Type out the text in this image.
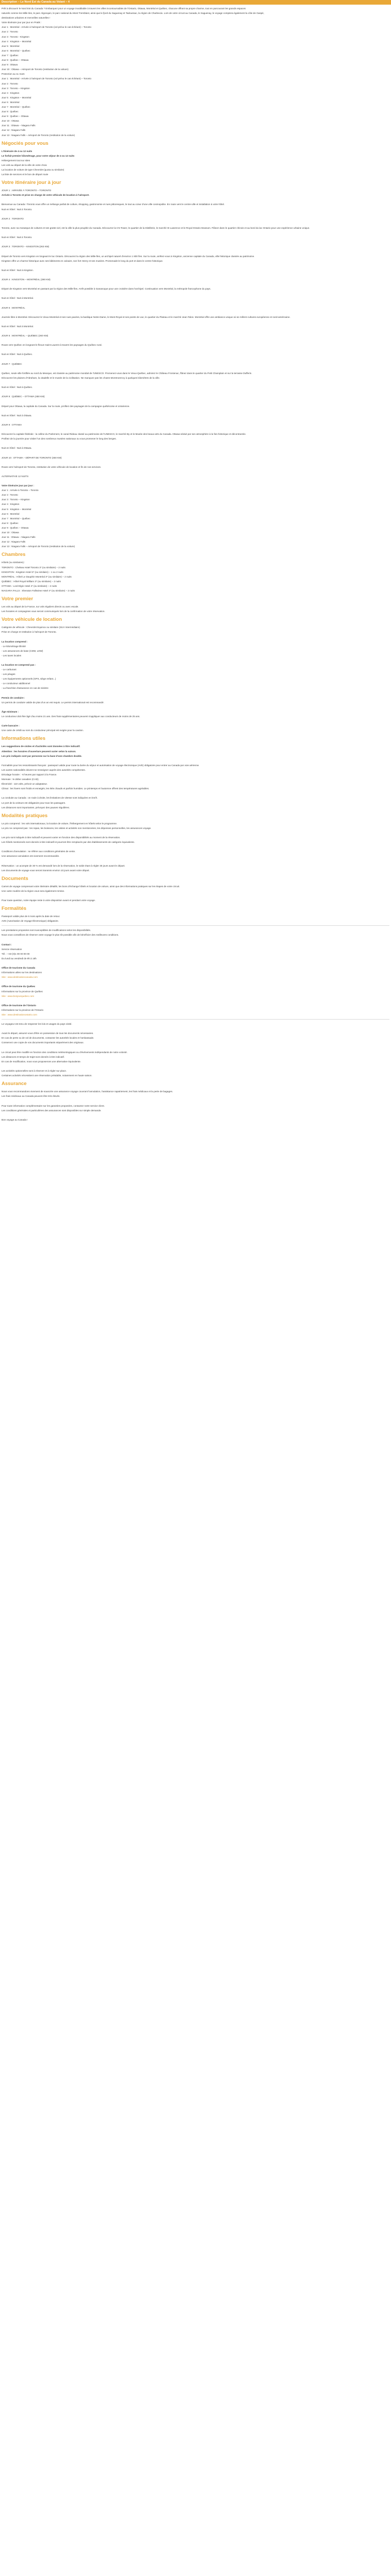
Description – Le Nord Est du Canada au Volant – 4
Prêt à découvrir le Nord Est du Canada ? Embarquez pour un voyage inoubliable à travers les villes incontournables de l'Ontario, Ottawa, Montréal et Québec, chacune offrant sa propre charme, tout en parcourant les grands espaces
naturels comme les Mille Iles, le parc Algonquin, le parc national du Mont Tremblant, ainsi que le fjord du Saguenay et Tadoussac, la région de Charlevoix. Lors de votre circuit au Canada, le Saguenay, le voyage comptera également la côte de Gaspé,
destinations urbaines et merveilles naturelles !
Votre itinéraire jour par jour en Pratik :
Jour 1 : Montréal - Arrivée à l'aéroport de Toronto (vol prévu le cas échéant) – Toronto
Jour 2 : Toronto
Jour 3 : Toronto - Kingston
Jour 4 : Kingston – Montréal
Jour 5 : Montréal
Jour 6 : Montréal – Québec
Jour 7 : Québec
Jour 8 : Québec – Ottawa
Jour 9 : Ottawa
Jour 10 : Ottawa – Aéroport de Toronto (restitution de la voiture)
Protection au 11 mars
Jour 1 : Montréal - Arrivée à l'aéroport de Toronto (vol prévu le cas échéant) – Toronto
Jour 2 : Toronto
Jour 3 : Toronto – Kingston
Jour 4 : Kingston
Jour 5 : Kingston – Montréal
Jour 6 : Montréal
Jour 7 : Montréal – Québec
Jour 8 : Québec
Jour 9 : Québec – Ottawa
Jour 10 : Ottawa
Jour 11 : Ottawa – Niagara Falls
Jour 12 : Niagara Falls
Jour 13 : Niagara Falls – Aéroport de Toronto (restitution de la voiture)
Négociés pour vous
L'Itinéraire de 4 ou 12 nuits
Le forfait premier kilométrage, pour votre séjour de 4 ou 12 nuits
Hébergement tout sur sites
Les vols au départ de la ville de votre choix
La location de voiture de type Chevrolet (quota ou similaire)
La liste de services et le bon de départ route
Votre itinéraire jour à jour
JOUR 1 : ARRIVÉE À TORONTO – TORONTO
Arrivée à Toronto et prise en charge de votre véhicule de location à l'aéroport.
Bienvenue au Canada ! Toronto vous offre un mélange parfait de culture, shopping, gastronomie et rues pittoresques, le tout au cœur d'une ville cosmopolite. En route vers le centre-ville et installation à votre hôtel.
Nuit en hôtel : Nuit à Toronto.
JOUR 2 : TORONTO
Toronto, avec sa mosaïque de cultures et ses gratte-ciel, est la ville la plus peuplée du Canada. Découvrez la CN Tower, le quartier de la Distillerie, le marché St Lawrence et le Royal Ontario Museum. Flânez dans le quartier chinois et au bord du lac Ontario pour une expérience urbaine unique.
Nuit en hôtel : Nuit à Toronto.
JOUR 3 : TORONTO – KINGSTON (263 KM)
Départ de Toronto vers Kingston en longeant le lac Ontario. Découvrez la région des Mille-Îles, un archipel naturel d'environ 1 800 îles. Sur la route, arrêtez-vous à Kingston, ancienne capitale du Canada, ville historique classée au patrimoine.
Kingston offre un charme historique avec ses bâtiments en calcaire, son fort Henry et ses musées. Promenade le long du port et dans le centre historique.
Nuit en hôtel : Nuit à Kingston.
JOUR 4 : KINGSTON – MONTRÉAL (290 KM)
Départ de Kingston vers Montréal en passant par la région des Mille-Îles. Arrêt possible à Gananoque pour une croisière dans l'archipel. Continuation vers Montréal, la métropole francophone du pays.
Nuit en hôtel : Nuit à Montréal.
JOUR 5 : MONTRÉAL
Journée libre à Montréal. Découvrez le Vieux-Montréal et ses rues pavées, la basilique Notre-Dame, le Mont-Royal et ses points de vue, le quartier du Plateau et le marché Jean-Talon. Montréal offre une ambiance unique où se mêlent cultures européenne et nord-américaine.
Nuit en hôtel : Nuit à Montréal.
JOUR 6 : MONTRÉAL – QUÉBEC (260 KM)
Route vers Québec en longeant le fleuve Saint-Laurent à travers les paysages du Québec rural.
Nuit en hôtel : Nuit à Québec.
JOUR 7 : QUÉBEC
Québec, seule ville fortifiée au nord du Mexique, est classée au patrimoine mondial de l'UNESCO. Promenez-vous dans le Vieux-Québec, admirez le Château Frontenac, flânez dans le quartier du Petit Champlain et sur la terrasse Dufferin.
Découvrez les plaines d'Abraham, la citadelle et le musée de la civilisation. Ne manquez pas les chutes Montmorency à quelques kilomètres de la ville.
Nuit en hôtel : Nuit à Québec.
JOUR 8 : QUÉBEC – OTTAWA (450 KM)
Départ pour Ottawa, la capitale du Canada. Sur la route, profitez des paysages de la campagne québécoise et ontarienne.
Nuit en hôtel : Nuit à Ottawa.
JOUR 9 : OTTAWA
Découvrez la capitale fédérale : la colline du Parlement, le canal Rideau classé au patrimoine de l'UNESCO, le marché By et le Musée des beaux-arts du Canada. Ottawa séduit par son atmosphère à la fois historique et décontractée.
Profitez de la journée pour visiter l'un des nombreux musées nationaux ou vous promener le long des berges.
Nuit en hôtel : Nuit à Ottawa.
JOUR 10 : OTTAWA – DÉPART DE TORONTO (450 KM)
Route vers l'aéroport de Toronto, restitution de votre véhicule de location et fin de nos services.
ALTERNATIVE 12 NUITS
Votre itinéraire jour par jour :
Jour 1 : Arrivée à Toronto – Toronto
Jour 2 : Toronto
Jour 3 : Toronto – Kingston
Jour 4 : Kingston
Jour 5 : Kingston – Montréal
Jour 6 : Montréal
Jour 7 : Montréal – Québec
Jour 8 : Québec
Jour 9 : Québec – Ottawa
Jour 10 : Ottawa
Jour 11 : Ottawa – Niagara Falls
Jour 12 : Niagara Falls
Jour 13 : Niagara Falls – Aéroport de Toronto (restitution de la voiture)
Chambres
Hôtels (ou similaires) :
TORONTO : Chelsea Hotel Toronto 3* (ou similaire) – 2 nuits
KINGSTON : Kingston Hotel 3* (ou similaire) – 1 ou 2 nuits
MONTRÉAL : Hôtel Le Dauphin Montréal 3* (ou similaire) – 2 nuits
QUÉBEC : Hôtel Royal William 3* (ou similaire) – 2 nuits
OTTAWA : Lord Elgin Hotel 4* (ou similaire) – 2 nuits
NIAGARA FALLS : Sheraton Fallsview Hotel 4* (ou similaire) – 2 nuits
Votre premier
Les vols au départ de la France, sur vols réguliers directs ou avec escale.
Les horaires et compagnies vous seront communiqués lors de la confirmation de votre réservation.
Votre véhicule de location
Catégorie de véhicule : Chevrolet Equinox ou similaire (SUV intermédiaire)
Prise en charge et restitution à l'aéroport de Toronto.
La location comprend :
- Le kilométrage illimité
- Les assurances de base (CDW, LDW)
- Les taxes locales
La location ne comprend pas :
- Le carburant
- Les péages
- Les équipements optionnels (GPS, siège enfant...)
- Le conducteur additionnel
- La franchise d'assurance en cas de sinistre
Permis de conduire :
Un permis de conduire valide de plus d'un an est requis. Le permis international est recommandé.
Âge minimum :
Le conducteur doit être âgé d'au moins 21 ans. Des frais supplémentaires peuvent s'appliquer aux conducteurs de moins de 25 ans.
Carte bancaire :
Une carte de crédit au nom du conducteur principal est exigée pour la caution.
Informations utiles
Les suggestions de visites et d'activités sont données à titre indicatif.
Attention : les horaires d'ouverture peuvent varier selon la saison.
Les prix indiqués sont par personne sur la base d'une chambre double.
Formalités pour les ressortissants français : passeport valide pour toute la durée du séjour et autorisation de voyage électronique (AVE) obligatoire pour entrer au Canada par voie aérienne.
Les autres nationalités doivent se renseigner auprès des autorités compétentes.
Décalage horaire : -6 heures par rapport à la France.
Monnaie : le dollar canadien (CAD).
Électricité : 110 volts, prévoir un adaptateur.
Climat : les hivers sont froids et enneigés, les étés chauds et parfois humides. Le printemps et l'automne offrent des températures agréables.
La conduite au Canada : on roule à droite, les limitations de vitesse sont indiquées en km/h.
Le port de la ceinture est obligatoire pour tous les passagers.
Les distances sont importantes, prévoyez des pauses régulières.
Modalités pratiques
Le prix comprend : les vols internationaux, la location de voiture, l'hébergement en hôtels selon le programme.
Le prix ne comprend pas : les repas, les boissons, les visites et activités non mentionnées, les dépenses personnelles, les assurances voyage.
Les prix sont indiqués à titre indicatif et peuvent varier en fonction des disponibilités au moment de la réservation.
Les hôtels mentionnés sont donnés à titre indicatif et pourront être remplacés par des établissements de catégorie équivalente.
Conditions d'annulation : se référer aux conditions générales de vente.
Une assurance annulation est vivement recommandée.
Réservation : un acompte de 30 % est demandé lors de la réservation, le solde étant à régler 30 jours avant le départ.
Les documents de voyage vous seront transmis environ 10 jours avant votre départ.
Documents
Carnet de voyage comprenant votre itinéraire détaillé, les bons d'échange hôtels et location de voiture, ainsi que des informations pratiques sur les étapes de votre circuit.
Une carte routière de la région vous sera également remise.
Pour toute question, notre équipe reste à votre disposition avant et pendant votre voyage.
Formalités
Passeport valide plus de 6 mois après la date de retour.
AVE (Autorisation de Voyage Électronique) obligatoire.
Les prestations proposées sont susceptibles de modifications selon les disponibilités.
Nous vous conseillons de réserver votre voyage le plus tôt possible afin de bénéficier des meilleures conditions.
Contact :
Service réservation
Tél. : +33 (0)1 00 00 00 00
Du lundi au vendredi de 9h à 18h
Office de tourisme du Canada
Informations utiles sur les destinations
Site : www.destinationcanada.com
Office de tourisme du Québec
Informations sur la province de Québec
Site : www.bonjourquebec.com
Office de tourisme de l'Ontario
Informations sur la province de l'Ontario
Site : www.destinationontario.com
Le voyageur est tenu de respecter les lois et usages du pays visité.
Avant le départ, assurez-vous d'être en possession de tous les documents nécessaires.
En cas de perte ou de vol de documents, contactez les autorités locales et l'ambassade.
Conservez une copie de vos documents importants séparément des originaux.
Le circuit peut être modifié en fonction des conditions météorologiques ou d'événements indépendants de notre volonté.
Les distances et temps de trajet sont donnés à titre indicatif.
En cas de modification, nous vous proposerons une alternative équivalente.
Les activités optionnelles sont à réserver et à régler sur place.
Certaines activités nécessitent une réservation préalable, notamment en haute saison.
Assurance
Nous vous recommandons vivement de souscrire une assurance voyage couvrant l'annulation, l'assistance rapatriement, les frais médicaux et la perte de bagages.
Les frais médicaux au Canada peuvent être très élevés.
Pour toute information complémentaire sur les garanties proposées, contactez notre service client.
Les conditions générales et particulières des assurances sont disponibles sur simple demande.
Bon voyage au Canada !
